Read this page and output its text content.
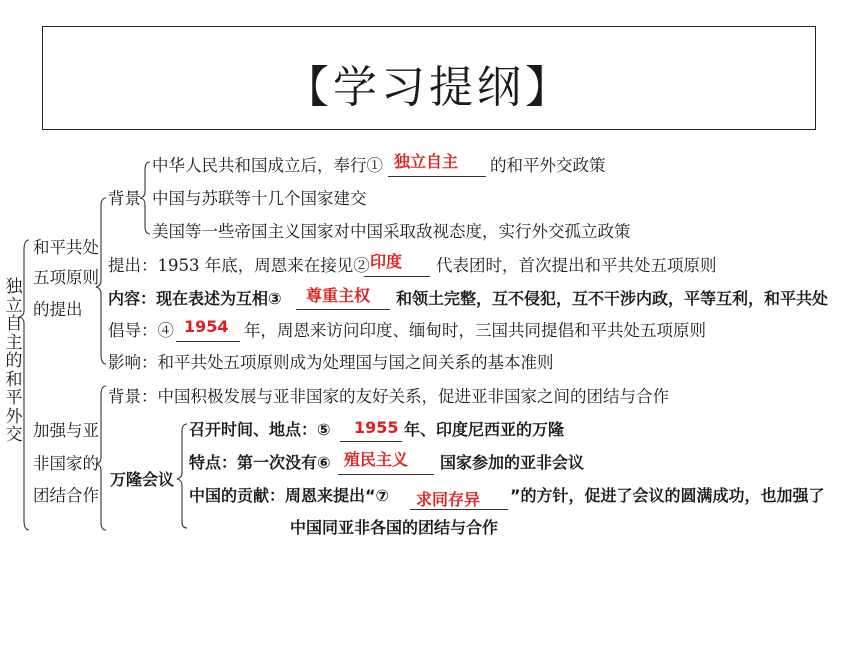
【学习提纲】
独立自主的和平外交
和平共处
五项原则
的提出
背景
中华人民共和国成立后，奉行① 独立自主 的和平外交政策
中国与苏联等十几个国家建交
美国等一些帝国主义国家对中国采取敌视态度，实行外交孤立政策
提出：1953 年底，周恩来在接见② 印度 代表团时，首次提出和平共处五项原则
内容：现在表述为互相③ 尊重主权 和领土完整，互不侵犯，互不干涉内政，平等互利，和平共处
倡导：④ 1954 年，周恩来访问印度、缅甸时，三国共同提倡和平共处五项原则
影响：和平共处五项原则成为处理国与国之间关系的基本准则
加强与亚
非国家的
团结合作
背景：中国积极发展与亚非国家的友好关系，促进亚非国家之间的团结与合作
万隆会议
召开时间、地点：⑤ 1955 年、印度尼西亚的万隆
特点：第一次没有⑥ 殖民主义 国家参加的亚非会议
中国的贡献：周恩来提出“⑦ 求同存异 ”的方针，促进了会议的圆满成功，也加强了
中国同亚非各国的团结与合作
